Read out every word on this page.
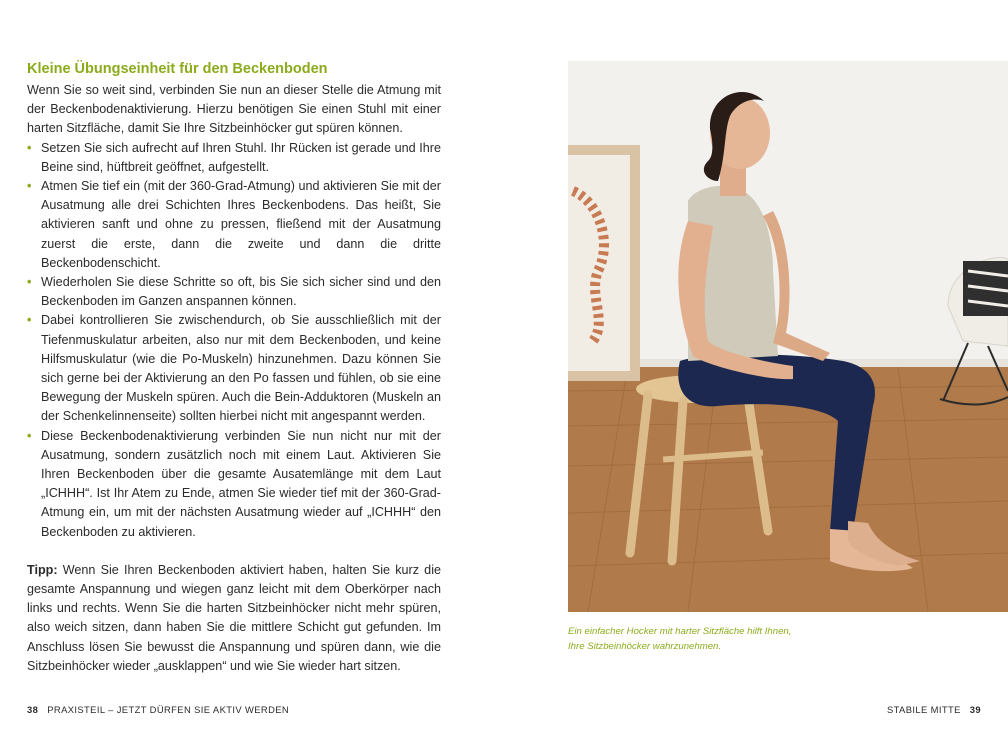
Kleine Übungseinheit für den Beckenboden

Wenn Sie so weit sind, verbinden Sie nun an dieser Stelle die Atmung mit der Beckenbodenaktivierung. Hierzu benötigen Sie einen Stuhl mit einer harten Sitzfläche, damit Sie Ihre Sitzbeinhöcker gut spüren können.

• Setzen Sie sich aufrecht auf Ihren Stuhl. Ihr Rücken ist gerade und Ihre Beine sind, hüftbreit geöffnet, aufgestellt.
• Atmen Sie tief ein (mit der 360-Grad-Atmung) und aktivieren Sie mit der Ausatmung alle drei Schichten Ihres Beckenbodens. Das heißt, Sie aktivieren sanft und ohne zu pressen, fließend mit der Ausatmung zuerst die erste, dann die zweite und dann die dritte Beckenbodenschicht.
• Wiederholen Sie diese Schritte so oft, bis Sie sich sicher sind und den Beckenboden im Ganzen anspannen können.
• Dabei kontrollieren Sie zwischendurch, ob Sie ausschließlich mit der Tiefenmuskulatur arbeiten, also nur mit dem Beckenboden, und keine Hilfsmuskulatur (wie die Po-Muskeln) hinzunehmen. Dazu können Sie sich gerne bei der Aktivierung an den Po fassen und fühlen, ob sie eine Bewegung der Muskeln spüren. Auch die Bein-Adduktoren (Muskeln an der Schenkelinnenseite) sollten hierbei nicht mit angespannt werden.
• Diese Beckenbodenaktivierung verbinden Sie nun nicht nur mit der Ausatmung, sondern zusätzlich noch mit einem Laut. Aktivieren Sie Ihren Beckenboden über die gesamte Ausatemlänge mit dem Laut „ICHHH“. Ist Ihr Atem zu Ende, atmen Sie wieder tief mit der 360-Grad-Atmung ein, um mit der nächsten Ausatmung wieder auf „ICHHH“ den Beckenboden zu aktivieren.

Tipp: Wenn Sie Ihren Beckenboden aktiviert haben, halten Sie kurz die gesamte Anspannung und wiegen ganz leicht mit dem Oberkörper nach links und rechts. Wenn Sie die harten Sitzbeinhöcker nicht mehr spüren, also weich sitzen, dann haben Sie die mittlere Schicht gut gefunden. Im Anschluss lösen Sie bewusst die Anspannung und spüren dann, wie die Sitzbeinhöcker wieder „ausklappen“ und wie Sie wieder hart sitzen.

Ein einfacher Hocker mit harter Sitzfläche hilft Ihnen, Ihre Sitzbeinhöcker wahrzunehmen.
38 PRAXISTEIL – JETZT DÜRFEN SIE AKTIV WERDEN	STABILE MITTE 39
